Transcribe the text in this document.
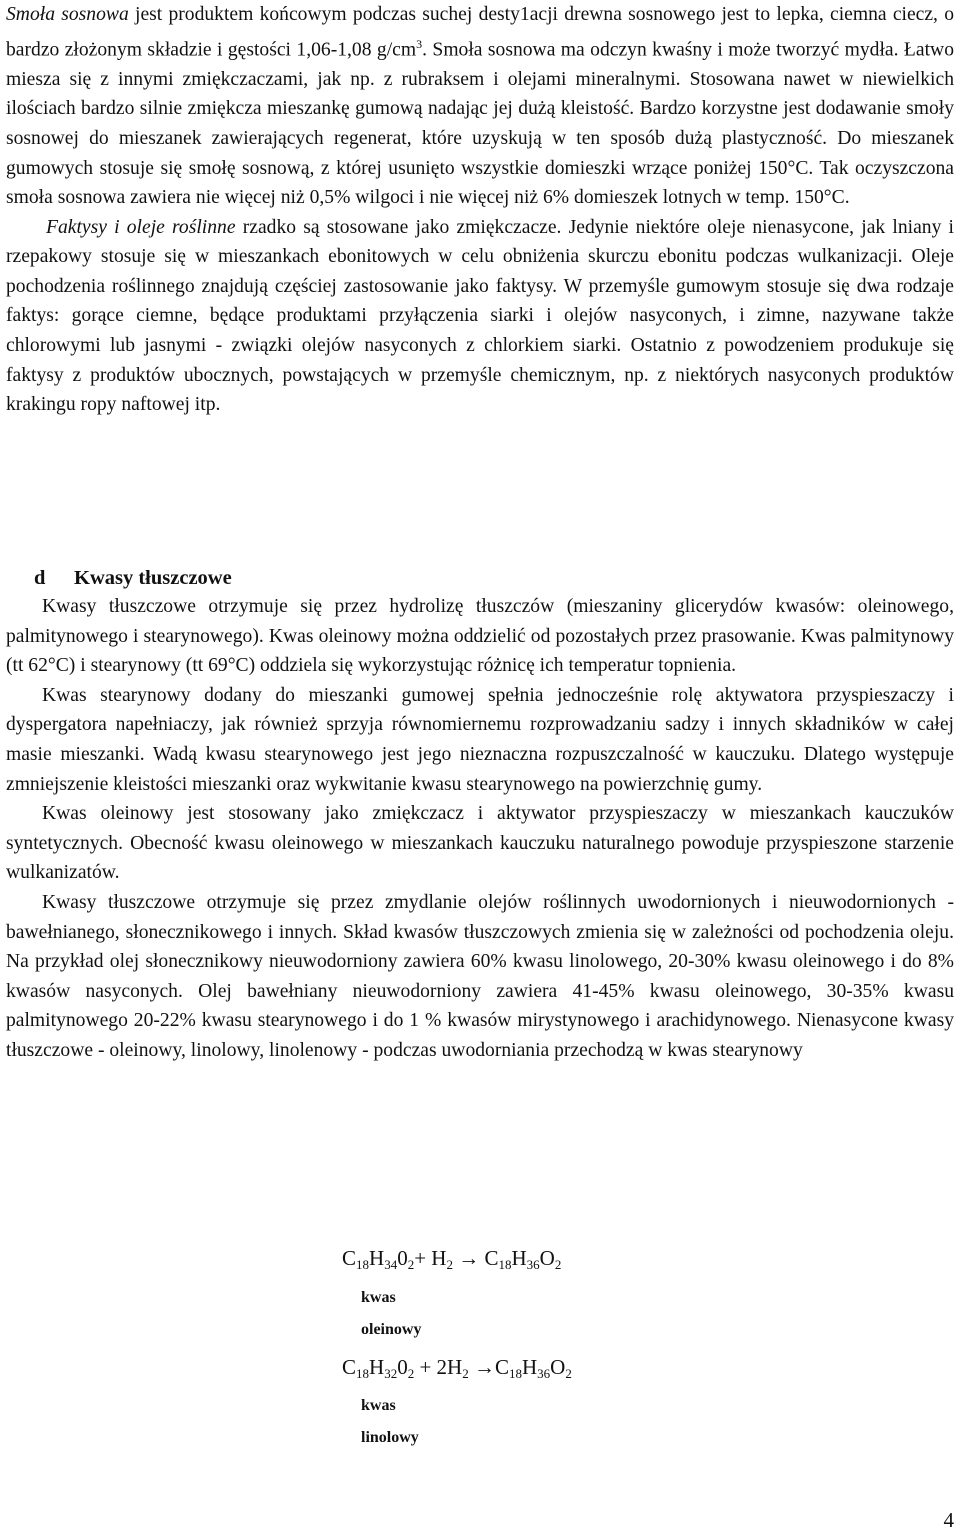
Smoła sosnowa jest produktem końcowym podczas suchej desty1acji drewna sosnowego jest to lepka, ciemna ciecz, o bardzo złożonym składzie i gęstości 1,06-1,08 $g/cm^3$. Smoła sosnowa ma odczyn kwaśny i może tworzyć mydła. Łatwo miesza się z innymi zmiękczaczami, jak np. z rubraksem i olejami mineralnymi. Stosowana nawet w niewielkich ilościach bardzo silnie zmiękcza mieszankę gumową nadając jej dużą kleistość. Bardzo korzystne jest dodawanie smoły sosnowej do mieszanek zawierających regenerat, które uzyskują w ten sposób dużą plastyczność. Do mieszanek gumowych stosuje się smołę sosnową, z której usunięto wszystkie domieszki wrzące poniżej 150°C. Tak oczyszczona smoła sosnowa zawiera nie więcej niż 0,5% wilgoci i nie więcej niż 6% domieszek lotnych w temp. 150°C.

Faktysy i oleje roślinne rzadko są stosowane jako zmiękczacze. Jedynie niektóre oleje nienasycone, jak lniany i rzepakowy stosuje się w mieszankach ebonitowych w celu obniżenia skurczu ebonitu podczas wulkanizacji. Oleje pochodzenia roślinnego znajdują częściej zastosowanie jako faktysy. W przemyśle gumowym stosuje się dwa rodzaje faktys: gorące ciemne, będące produktami przyłączenia siarki i olejów nasyconych, i zimne, nazywane także chlorowymi lub jasnymi - związki olejów nasyconych z chlorkiem siarki. Ostatnio z powodzeniem produkuje się faktysy z produktów ubocznych, powstających w przemyśle chemicznym, np. z niektórych nasyconych produktów krakingu ropy naftowej itp.

d Kwasy tłuszczowe

Kwasy tłuszczowe otrzymuje się przez hydrolizę tłuszczów (mieszaniny glicerydów kwasów: oleinowego, palmitynowego i stearynowego). Kwas oleinowy można oddzielić od pozostałych przez prasowanie. Kwas palmitynowy (tt 62°C) i stearynowy (tt 69°C) oddziela się wykorzystując różnicę ich temperatur topnienia.

Kwas stearynowy dodany do mieszanki gumowej spełnia jednocześnie rolę aktywatora przyspieszaczy i dyspergatora napełniaczy, jak również sprzyja równomiernemu rozprowadzaniu sadzy i innych składników w całej masie mieszanki. Wadą kwasu stearynowego jest jego nieznaczna rozpuszczalność w kauczuku. Dlatego występuje zmniejszenie kleistości mieszanki oraz wykwitanie kwasu stearynowego na powierzchnię gumy.

Kwas oleinowy jest stosowany jako zmiękczacz i aktywator przyspieszaczy w mieszankach kauczuków syntetycznych. Obecność kwasu oleinowego w mieszankach kauczuku naturalnego powoduje przyspieszone starzenie wulkanizatów.

Kwasy tłuszczowe otrzymuje się przez zmydlanie olejów roślinnych uwodornionych i nieuwodornionych - bawełnianego, słonecznikowego i innych. Skład kwasów tłuszczowych zmienia się w zależności od pochodzenia oleju. Na przykład olej słonecznikowy nieuwodorniony zawiera 60% kwasu linolowego, 20-30% kwasu oleinowego i do 8% kwasów nasyconych. Olej bawełniany nieuwodorniony zawiera 41-45% kwasu oleinowego, 30-35% kwasu palmitynowego 20-22% kwasu stearynowego i do 1 % kwasów mirystynowego i arachidynowego. Nienasycone kwasy tłuszczowe - oleinowy, linolowy, linolenowy - podczas uwodorniania przechodzą w kwas stearynowy

$C_{18}H_{34}0_2+ H_2 \to C_{18}H_{36}O_2$
kwas
oleinowy
$C_{18}H_{32}0_2 + 2H_2 \to C_{18}H_{36}O_2$
kwas
linolowy
4
